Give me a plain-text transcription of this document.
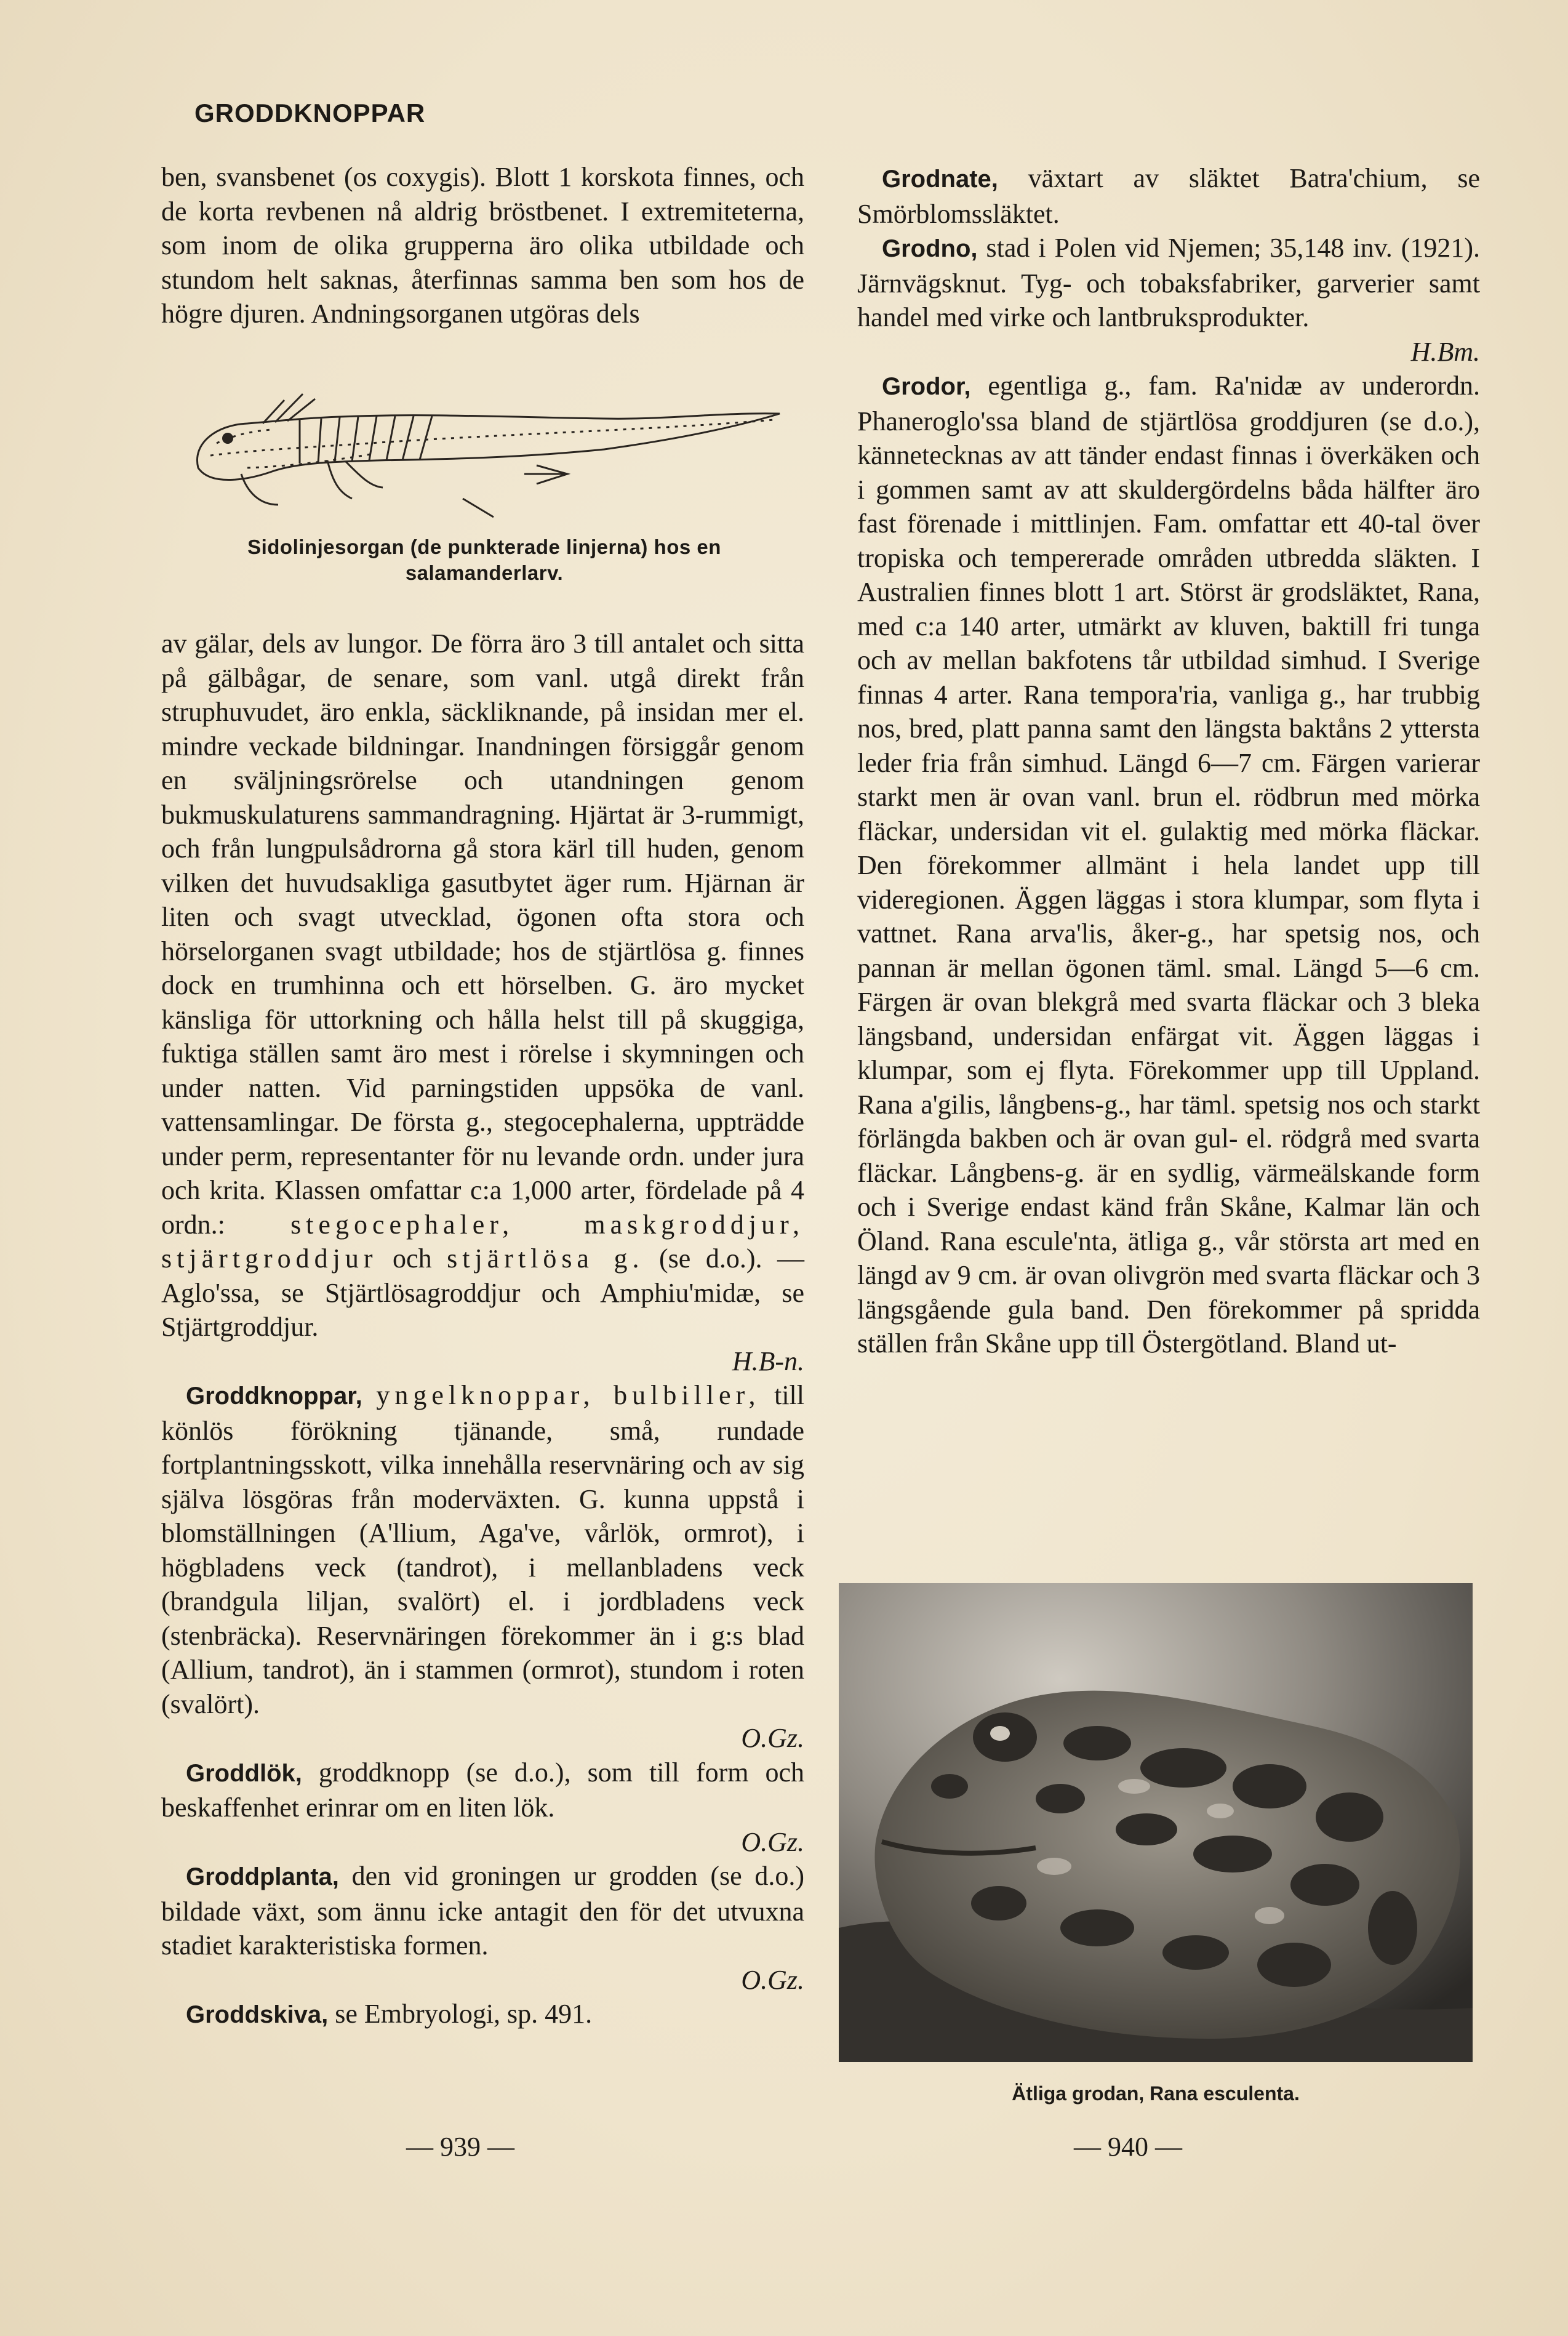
GRODDKNOPPAR

ben, svansbenet (os coxygis). Blott 1 korskota finnes, och de korta revbenen nå aldrig bröstbenet. I extremiteterna, som inom de olika grupperna äro olika utbildade och stundom helt saknas, återfinnas samma ben som hos de högre djuren. Andningsorganen utgöras dels

Sidolinjesorgan (de punkterade linjerna) hos en salamanderlarv.

av gälar, dels av lungor. De förra äro 3 till antalet och sitta på gälbågar, de senare, som vanl. utgå direkt från struphuvudet, äro enkla, säckliknande, på insidan mer el. mindre veckade bildningar. Inandningen försiggår genom en sväljningsrörelse och utandningen genom bukmuskulaturens sammandragning. Hjärtat är 3-rummigt, och från lungpulsådrorna gå stora kärl till huden, genom vilken det huvudsakliga gasutbytet äger rum. Hjärnan är liten och svagt utvecklad, ögonen ofta stora och hörselorganen svagt utbildade; hos de stjärtlösa g. finnes dock en trumhinna och ett hörselben. G. äro mycket känsliga för uttorkning och hålla helst till på skuggiga, fuktiga ställen samt äro mest i rörelse i skymningen och under natten. Vid parningstiden uppsöka de vanl. vattensamlingar. De första g., stegocephalerna, uppträdde under perm, representanter för nu levande ordn. under jura och krita. Klassen omfattar c:a 1,000 arter, fördelade på 4 ordn.: stegocephaler, maskgroddjur, stjärtgroddjur och stjärtlösa g. (se d.o.). — Aglo'ssa, se Stjärtlösagroddjur och Amphiu'midæ, se Stjärtgroddjur.
H.B-n.

Groddknoppar, yngelknoppar, bulbiller, till könlös förökning tjänande, små, rundade fortplantningsskott, vilka innehålla reservnäring och av sig själva lösgöras från moderväxten. G. kunna uppstå i blomställningen (A'llium, Aga've, vårlök, ormrot), i högbladens veck (tandrot), i mellanbladens veck (brandgula liljan, svalört) el. i jordbladens veck (stenbräcka). Reservnäringen förekommer än i g:s blad (Allium, tandrot), än i stammen (ormrot), stundom i roten (svalört).
O.Gz.

Groddlök, groddknopp (se d.o.), som till form och beskaffenhet erinrar om en liten lök.
O.Gz.

Groddplanta, den vid groningen ur grodden (se d.o.) bildade växt, som ännu icke antagit den för det utvuxna stadiet karakteristiska formen.
O.Gz.

Groddskiva, se Embryologi, sp. 491.

Grodnate, växtart av släktet Batra'chium, se Smörblomssläktet.

Grodno, stad i Polen vid Njemen; 35,148 inv. (1921). Järnvägsknut. Tyg- och tobaksfabriker, garverier samt handel med virke och lantbruksprodukter.
H.Bm.

Grodor, egentliga g., fam. Ra'nidæ av underordn. Phaneroglo'ssa bland de stjärtlösa groddjuren (se d.o.), kännetecknas av att tänder endast finnas i överkäken och i gommen samt av att skuldergördelns båda hälfter äro fast förenade i mittlinjen. Fam. omfattar ett 40-tal över tropiska och tempererade områden utbredda släkten. I Australien finnes blott 1 art. Störst är grodsläktet, Rana, med c:a 140 arter, utmärkt av kluven, baktill fri tunga och av mellan bakfotens tår utbildad simhud. I Sverige finnas 4 arter. Rana tempora'ria, vanliga g., har trubbig nos, bred, platt panna samt den längsta baktåns 2 yttersta leder fria från simhud. Längd 6—7 cm. Färgen varierar starkt men är ovan vanl. brun el. rödbrun med mörka fläckar, undersidan vit el. gulaktig med mörka fläckar. Den förekommer allmänt i hela landet upp till videregionen. Äggen läggas i stora klumpar, som flyta i vattnet. Rana arva'lis, åker-g., har spetsig nos, och pannan är mellan ögonen täml. smal. Längd 5—6 cm. Färgen är ovan blekgrå med svarta fläckar och 3 bleka längsband, undersidan enfärgat vit. Äggen läggas i klumpar, som ej flyta. Förekommer upp till Uppland. Rana a'gilis, långbens-g., har täml. spetsig nos och starkt förlängda bakben och är ovan gul- el. rödgrå med svarta fläckar. Långbens-g. är en sydlig, värmeälskande form och i Sverige endast känd från Skåne, Kalmar län och Öland. Rana escule'nta, ätliga g., vår största art med en längd av 9 cm. är ovan olivgrön med svarta fläckar och 3 längsgående gula band. Den förekommer på spridda ställen från Skåne upp till Östergötland. Bland ut-

Ätliga grodan, Rana esculenta.
— 939 —	— 940 —
